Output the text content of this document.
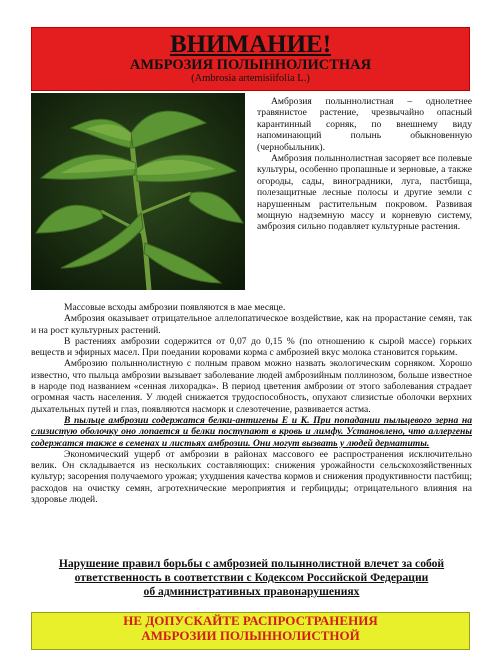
ВНИМАНИЕ!
АМБРОЗИЯ ПОЛЫННОЛИСТНАЯ
(Ambrosia artemisiifolia L.)

Амброзия полыннолистная – однолетнее травянистое растение, чрезвычайно опасный карантинный сорняк, по внешнему виду напоминающий полынь обыкновенную (чернобыльник).

Амброзия полыннолистная засоряет все полевые культуры, особенно пропашные и зерновые, а также огороды, сады, виноградники, луга, пастбища, полезащитные лесные полосы и другие земли с нарушенным растительным покровом. Развивая мощную надземную массу и корневую систему, амброзия сильно подавляет культурные растения.

Массовые всходы амброзии появляются в мае месяце.

Амброзия оказывает отрицательное аллелопатическое воздействие, как на прорастание семян, так и на рост культурных растений.

В растениях амброзии содержится от 0,07 до 0,15 % (по отношению к сырой массе) горьких веществ и эфирных масел. При поедании коровами корма с амброзией вкус молока становится горьким.

Амброзию полыннолистную с полным правом можно назвать экологическим сорняком. Хорошо известно, что пыльца амброзии вызывает заболевание людей амброзийным поллинозом, больше известное в народе под названием «сенная лихорадка». В период цветения амброзии от этого заболевания страдает огромная часть населения. У людей снижается трудоспособность, опухают слизистые оболочки верхних дыхательных путей и глаз, появляются насморк и слезотечение, развивается астма.

В пыльце амброзии содержатся белки-антигены Е и К. При попадании пыльцевого зерна на слизистую оболочку оно лопается и белки поступают в кровь и лимфу. Установлено, что аллергены содержатся также в семенах и листьях амброзии. Они могут вызвать у людей дерматиты.

Экономический ущерб от амброзии в районах массового ее распространения исключительно велик. Он складывается из нескольких составляющих: снижения урожайности сельскохозяйственных культур; засорения получаемого урожая; ухудшения качества кормов и снижения продуктивности пастбищ; расходов на очистку семян, агротехнические мероприятия и гербициды; отрицательного влияния на здоровье людей.

Нарушение правил борьбы с амброзией полыннолистной влечет за собой
ответственность в соответствии с Кодексом Российской Федерации
об административных правонарушениях
НЕ ДОПУСКАЙТЕ РАСПРОСТРАНЕНИЯ
АМБРОЗИИ ПОЛЫННОЛИСТНОЙ
